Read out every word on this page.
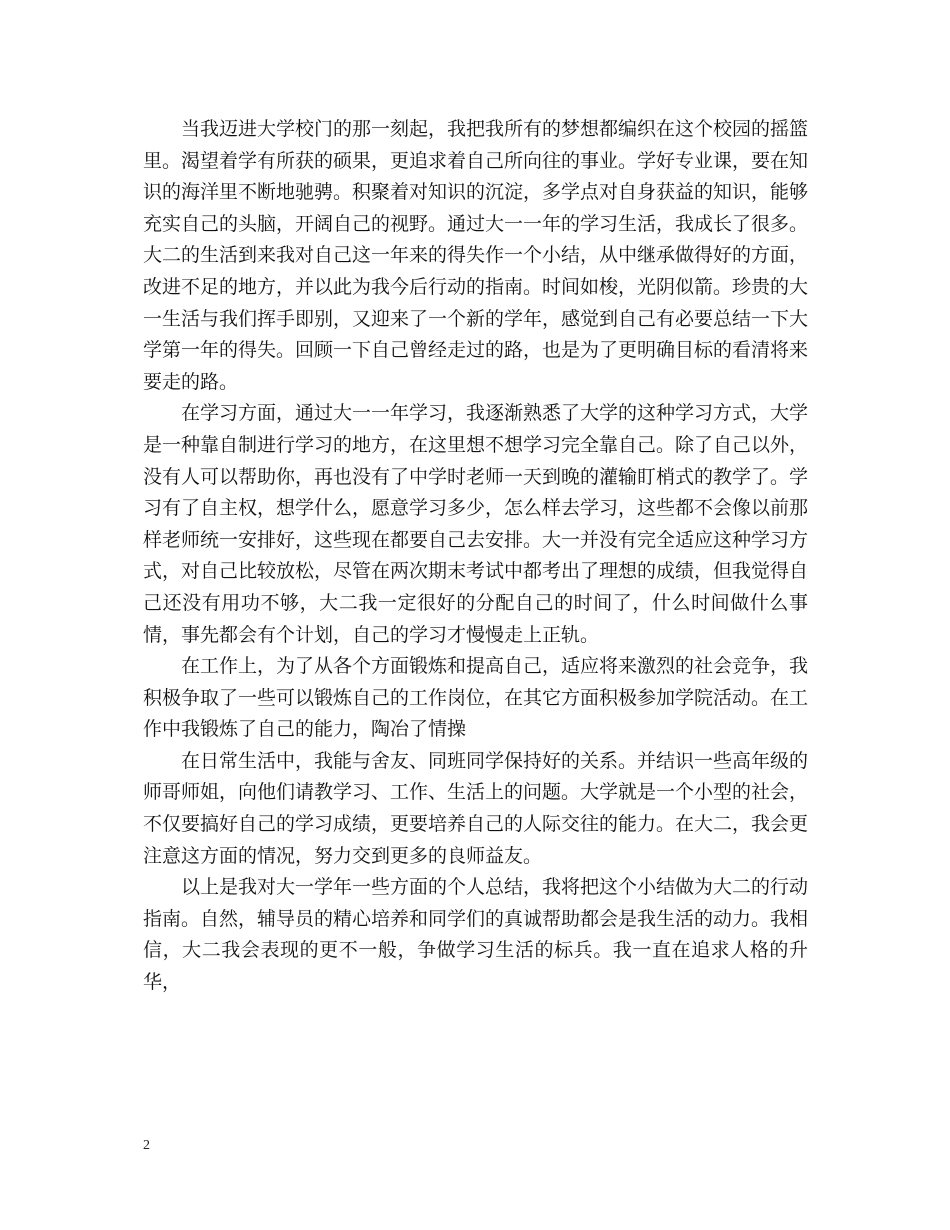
当我迈进大学校门的那一刻起，我把我所有的梦想都编织在这个校园的摇篮里。渴望着学有所获的硕果，更追求着自己所向往的事业。学好专业课，要在知识的海洋里不断地驰骋。积聚着对知识的沉淀，多学点对自身获益的知识，能够充实自己的头脑，开阔自己的视野。通过大一一年的学习生活，我成长了很多。大二的生活到来我对自己这一年来的得失作一个小结，从中继承做得好的方面，改进不足的地方，并以此为我今后行动的指南。时间如梭，光阴似箭。珍贵的大一生活与我们挥手即别，又迎来了一个新的学年，感觉到自己有必要总结一下大学第一年的得失。回顾一下自己曾经走过的路，也是为了更明确目标的看清将来要走的路。

在学习方面，通过大一一年学习，我逐渐熟悉了大学的这种学习方式，大学是一种靠自制进行学习的地方，在这里想不想学习完全靠自己。除了自己以外，没有人可以帮助你，再也没有了中学时老师一天到晚的灌输盯梢式的教学了。学习有了自主权，想学什么，愿意学习多少，怎么样去学习，这些都不会像以前那样老师统一安排好，这些现在都要自己去安排。大一并没有完全适应这种学习方式，对自己比较放松，尽管在两次期末考试中都考出了理想的成绩，但我觉得自己还没有用功不够，大二我一定很好的分配自己的时间了，什么时间做什么事情，事先都会有个计划，自己的学习才慢慢走上正轨。

在工作上，为了从各个方面锻炼和提高自己，适应将来激烈的社会竞争，我积极争取了一些可以锻炼自己的工作岗位，在其它方面积极参加学院活动。在工作中我锻炼了自己的能力，陶冶了情操

在日常生活中，我能与舍友、同班同学保持好的关系。并结识一些高年级的师哥师姐，向他们请教学习、工作、生活上的问题。大学就是一个小型的社会，不仅要搞好自己的学习成绩，更要培养自己的人际交往的能力。在大二，我会更注意这方面的情况，努力交到更多的良师益友。

以上是我对大一学年一些方面的个人总结，我将把这个小结做为大二的行动指南。自然，辅导员的精心培养和同学们的真诚帮助都会是我生活的动力。我相信，大二我会表现的更不一般，争做学习生活的标兵。我一直在追求人格的升华，

2
